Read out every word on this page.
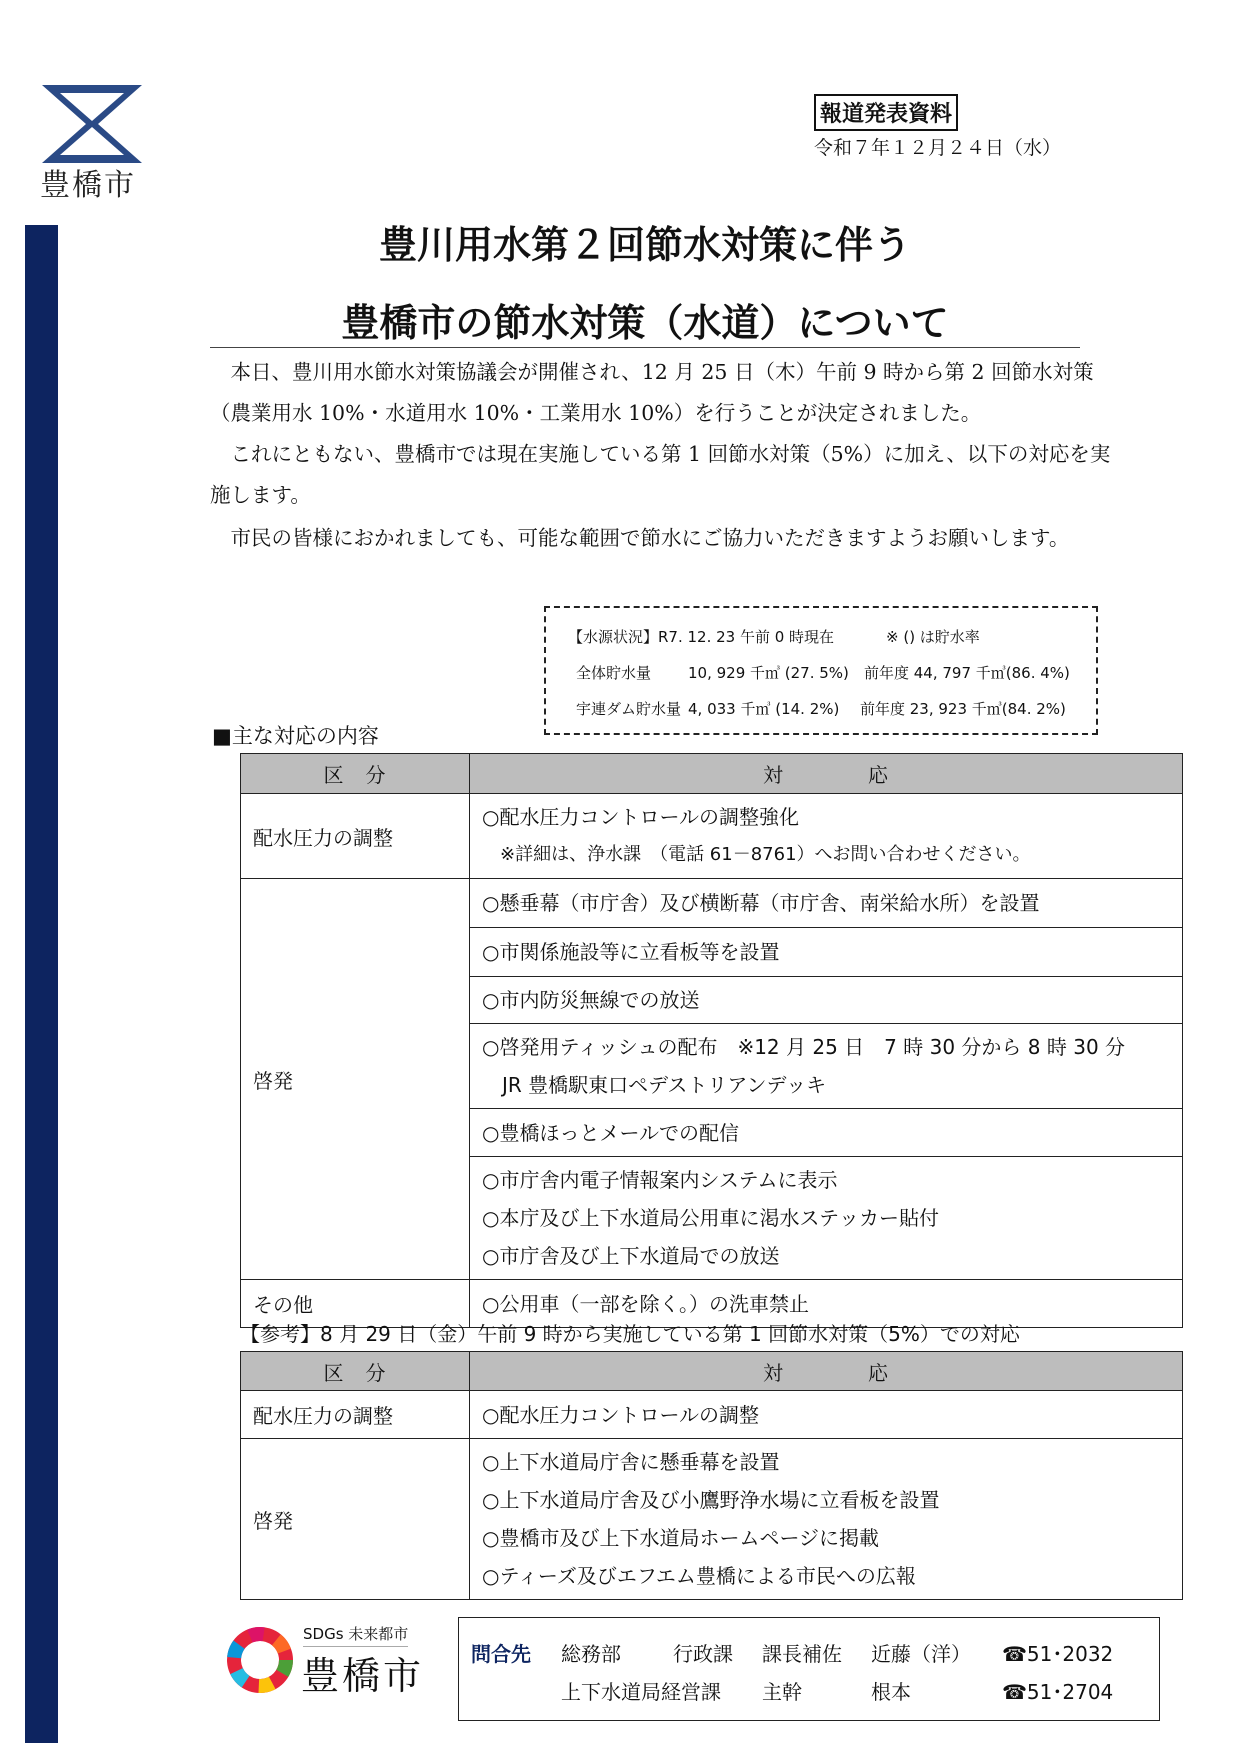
豊橋市
報道発表資料
令和７年１２月２４日（水）
豊川用水第２回節水対策に伴う
豊橋市の節水対策（水道）について
　本日、豊川用水節水対策協議会が開催され、12 月 25 日（木）午前 9 時から第 2 回節水対策（農業用水 10%・水道用水 10%・工業用水 10%）を行うことが決定されました。
　これにともない、豊橋市では現在実施している第 1 回節水対策（5%）に加え、以下の対応を実施します。
　市民の皆様におかれましても、可能な範囲で節水にご協力いただきますようお願いします。
【水源状況】R7. 12. 23 午前 0 時現在	※ () は貯水率
全体貯水量 10, 929 千㎥ (27. 5%) 前年度 44, 797 千㎥(86. 4%)
宇連ダム貯水量 4, 033 千㎥ (14. 2%) 前年度 23, 923 千㎥(84. 2%)
■主な対応の内容
区　分	対　　　　応
配水圧力の調整	○配水圧力コントロールの調整強化
　※詳細は、浄水課　（電話 61－8761）へお問い合わせください。

啓発	○懸垂幕（市庁舎）及び横断幕（市庁舎、南栄給水所）を設置
	○市関係施設等に立看板等を設置
	○市内防災無線での放送

	○啓発用ティッシュの配布　※12 月 25 日　7 時 30 分から 8 時 30 分
　JR 豊橋駅東口ペデストリアンデッキ

	○豊橋ほっとメールでの配信

	○市庁舎内電子情報案内システムに表示
○本庁及び上下水道局公用車に渇水ステッカー貼付
○市庁舎及び上下水道局での放送

その他	○公用車（一部を除く。）の洗車禁止
【参考】8 月 29 日（金）午前 9 時から実施している第 1 回節水対策（5%）での対応
区　分	対　　　　応
配水圧力の調整	○配水圧力コントロールの調整
啓発	○上下水道局庁舎に懸垂幕を設置
○上下水道局庁舎及び小鷹野浄水場に立看板を設置
○豊橋市及び上下水道局ホームページに掲載
○ティーズ及びエフエム豊橋による市民への広報
SDGs 未来都市
豊橋市 問合先 総務部	行政課 課長補佐 近藤（洋） ☎51･2032
上下水道局経営課 主幹	根本	☎51･2704
